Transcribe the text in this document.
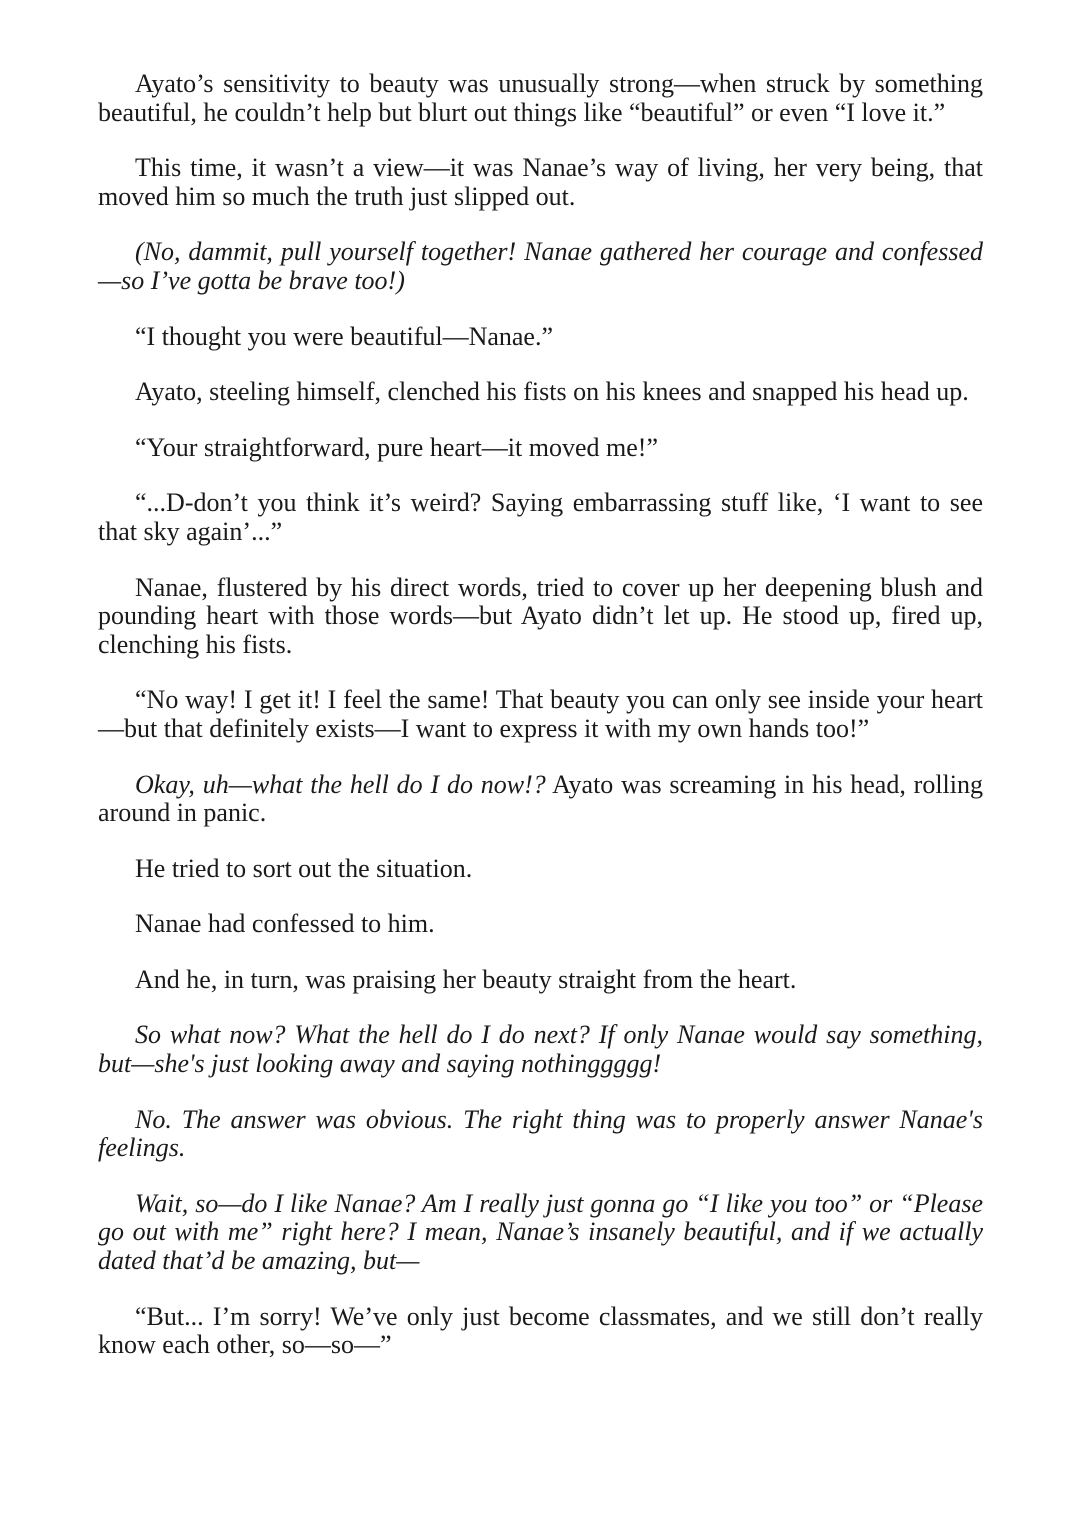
Ayato’s sensitivity to beauty was unusually strong—when struck by something beautiful, he couldn’t help but blurt out things like “beautiful” or even “I love it.”

This time, it wasn’t a view—it was Nanae’s way of living, her very being, that moved him so much the truth just slipped out.

(No, dammit, pull yourself together! Nanae gathered her courage and confessed—so I’ve gotta be brave too!)

“I thought you were beautiful—Nanae.”

Ayato, steeling himself, clenched his fists on his knees and snapped his head up.

“Your straightforward, pure heart—it moved me!”

“...D-don’t you think it’s weird? Saying embarrassing stuff like, ‘I want to see that sky again’...”

Nanae, flustered by his direct words, tried to cover up her deepening blush and pounding heart with those words—but Ayato didn’t let up. He stood up, fired up, clenching his fists.

“No way! I get it! I feel the same! That beauty you can only see inside your heart—but that definitely exists—I want to express it with my own hands too!”

Okay, uh—what the hell do I do now!? Ayato was screaming in his head, rolling around in panic.

He tried to sort out the situation.

Nanae had confessed to him.

And he, in turn, was praising her beauty straight from the heart.

So what now? What the hell do I do next? If only Nanae would say something, but—she's just looking away and saying nothinggggg!

No. The answer was obvious. The right thing was to properly answer Nanae's feelings.

Wait, so—do I like Nanae? Am I really just gonna go “I like you too” or “Please go out with me” right here? I mean, Nanae’s insanely beautiful, and if we actually dated that’d be amazing, but—

“But... I’m sorry! We’ve only just become classmates, and we still don’t really know each other, so—so––”
